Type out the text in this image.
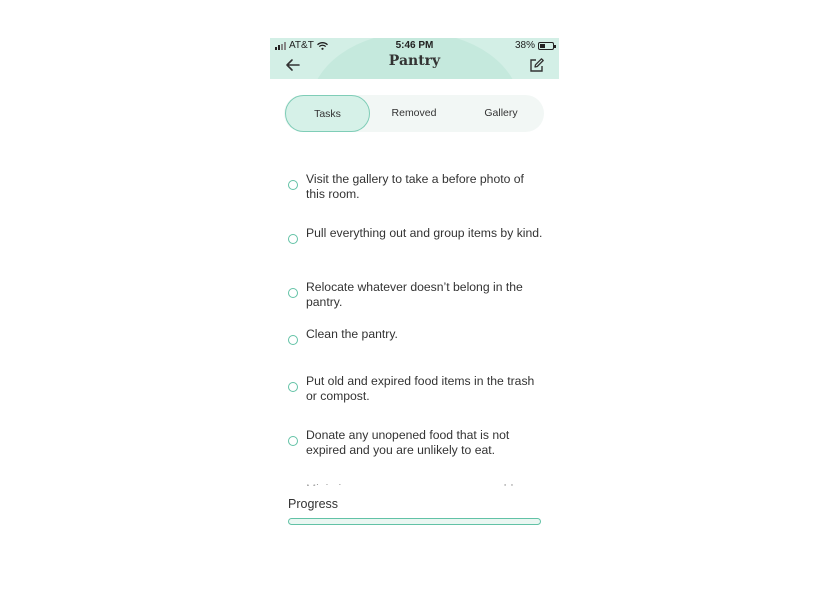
AT&T	5:46 PM	38%
Pantry
Tasks	Removed	Gallery
Visit the gallery to take a before photo of this room.
Pull everything out and group items by kind.
Relocate whatever doesn’t belong in the pantry.
Clean the pantry.
Put old and expired food items in the trash or compost.
Donate any unopened food that is not expired and you are unlikely to eat.
Progress
